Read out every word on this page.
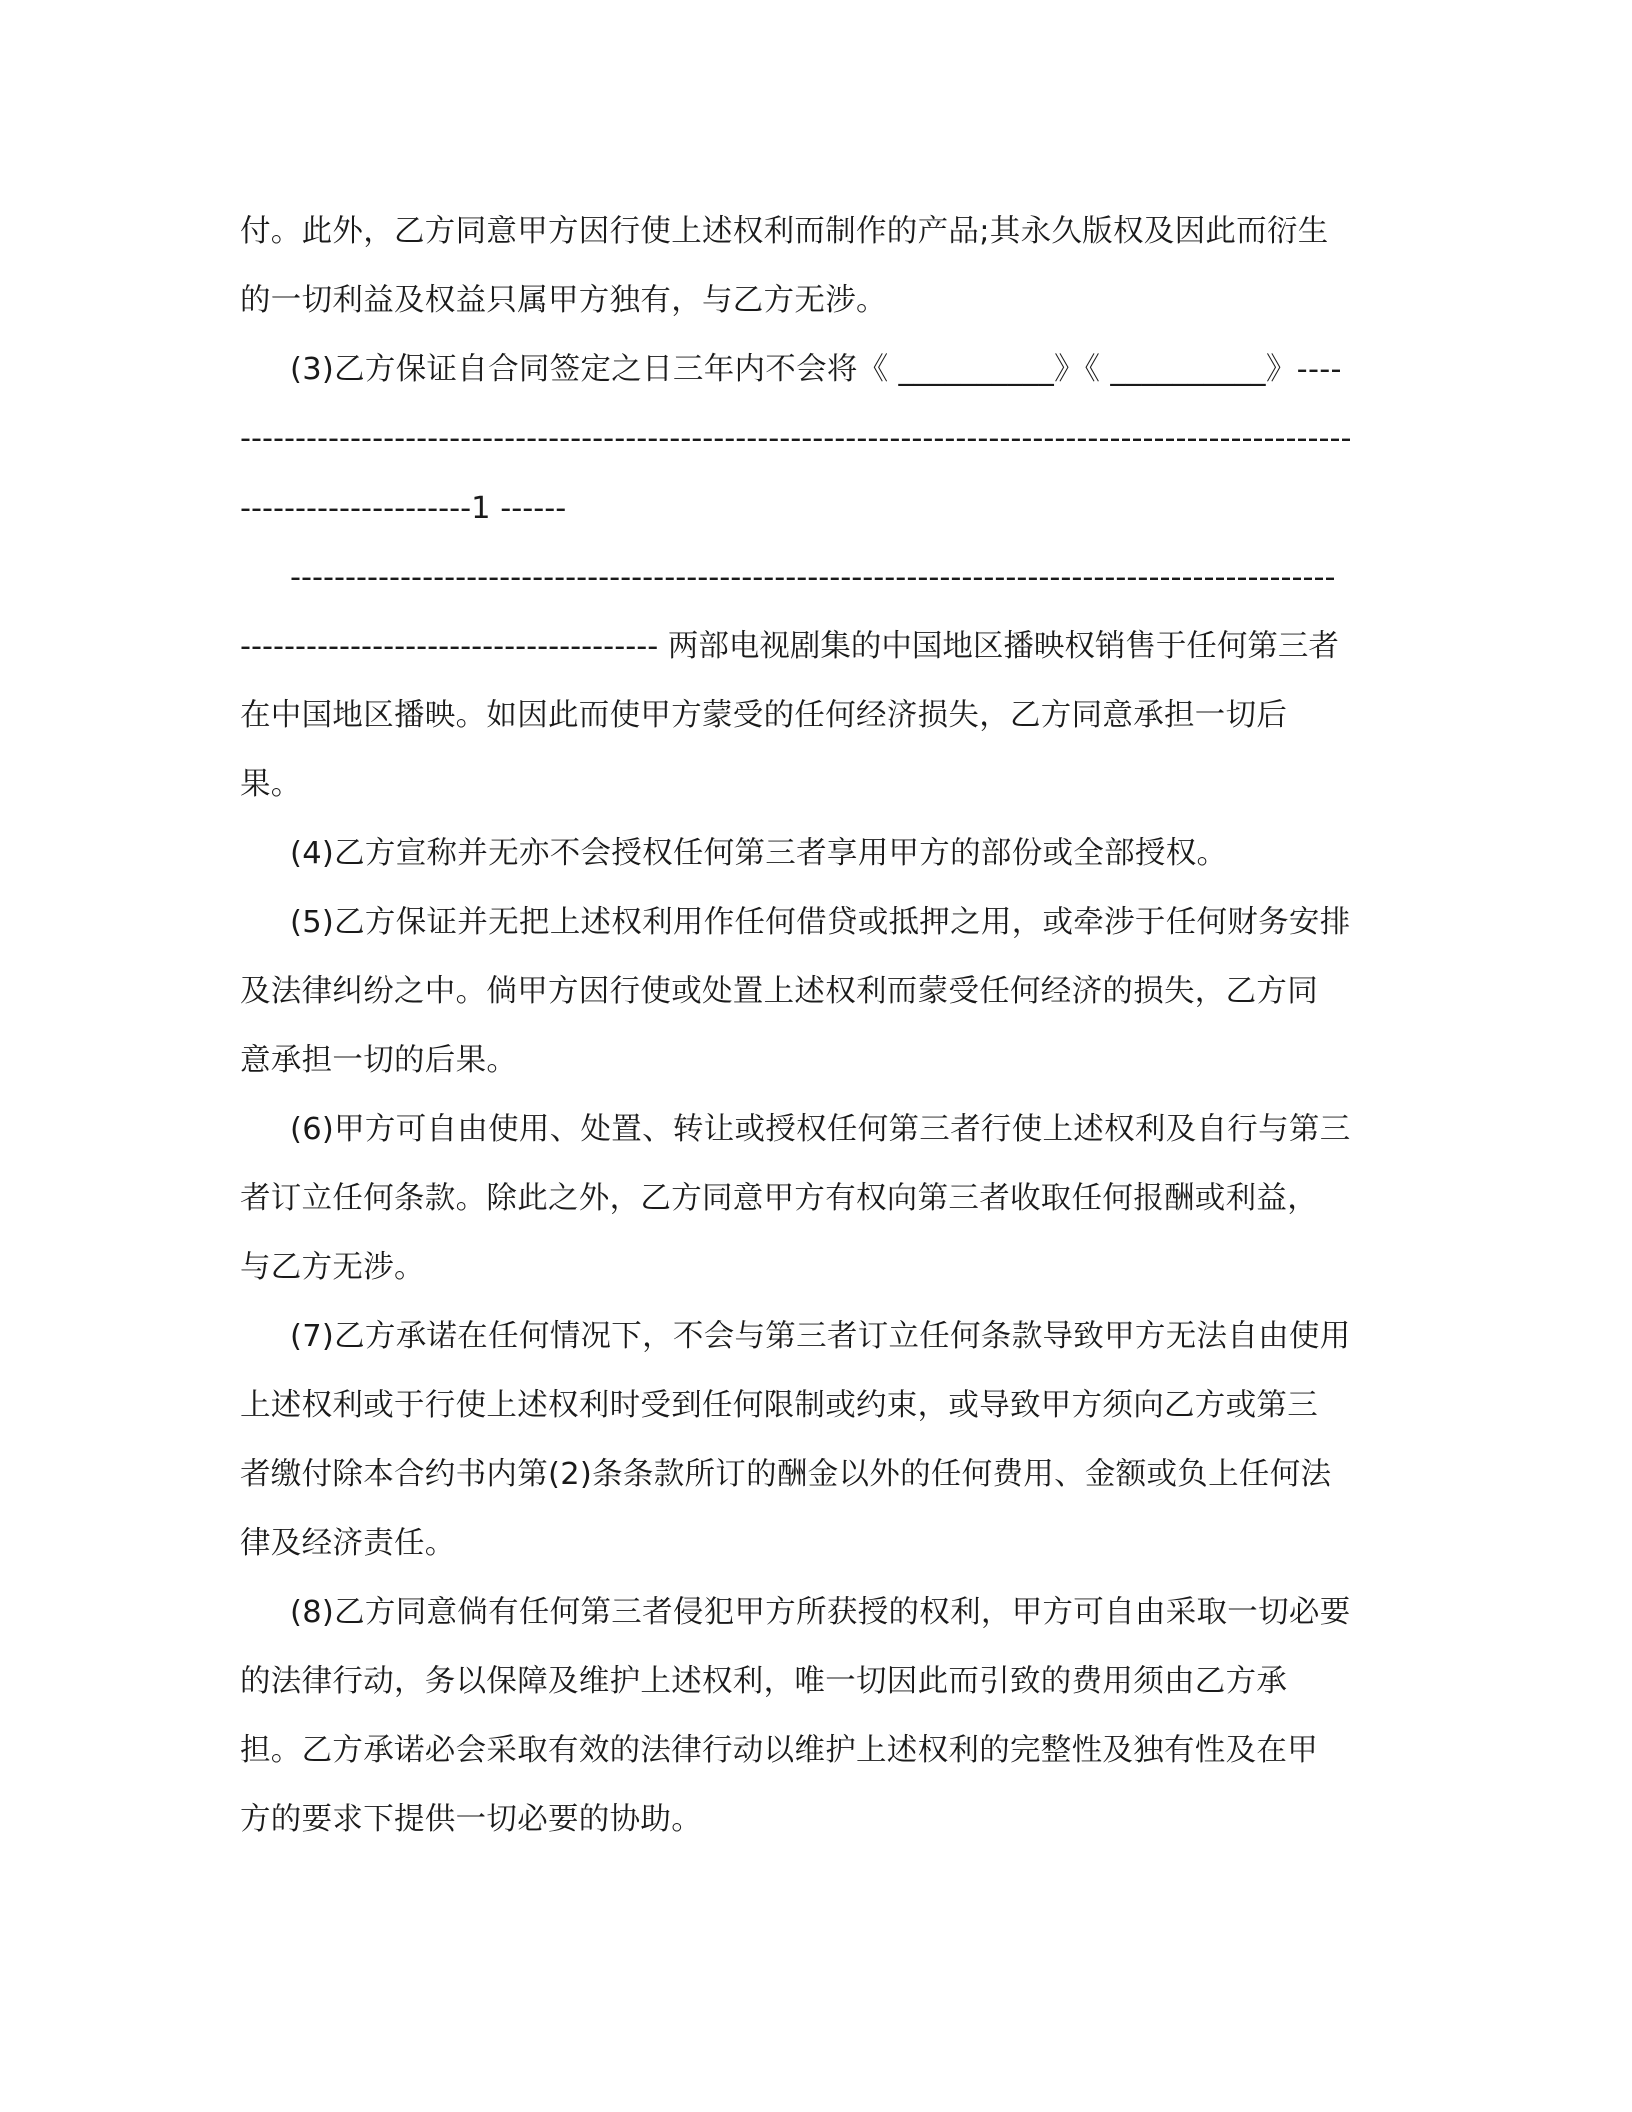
付。此外，乙方同意甲方因行使上述权利而制作的产品;其永久版权及因此而衍生
的一切利益及权益只属甲方独有，与乙方无涉。
(3)乙方保证自合同签定之日三年内不会将《 __________》《 __________》----
-----------------------------------------------------------------------------------------------------
---------------------1 ------
-----------------------------------------------------------------------------------------------
-------------------------------------- 两部电视剧集的中国地区播映权销售于任何第三者
在中国地区播映。如因此而使甲方蒙受的任何经济损失，乙方同意承担一切后
果。
(4)乙方宣称并无亦不会授权任何第三者享用甲方的部份或全部授权。
(5)乙方保证并无把上述权利用作任何借贷或抵押之用，或牵涉于任何财务安排
及法律纠纷之中。倘甲方因行使或处置上述权利而蒙受任何经济的损失，乙方同
意承担一切的后果。
(6)甲方可自由使用、处置、转让或授权任何第三者行使上述权利及自行与第三
者订立任何条款。除此之外，乙方同意甲方有权向第三者收取任何报酬或利益，
与乙方无涉。
(7)乙方承诺在任何情况下，不会与第三者订立任何条款导致甲方无法自由使用
上述权利或于行使上述权利时受到任何限制或约束，或导致甲方须向乙方或第三
者缴付除本合约书内第(2)条条款所订的酬金以外的任何费用、金额或负上任何法
律及经济责任。
(8)乙方同意倘有任何第三者侵犯甲方所获授的权利，甲方可自由采取一切必要
的法律行动，务以保障及维护上述权利，唯一切因此而引致的费用须由乙方承
担。乙方承诺必会采取有效的法律行动以维护上述权利的完整性及独有性及在甲
方的要求下提供一切必要的协助。
